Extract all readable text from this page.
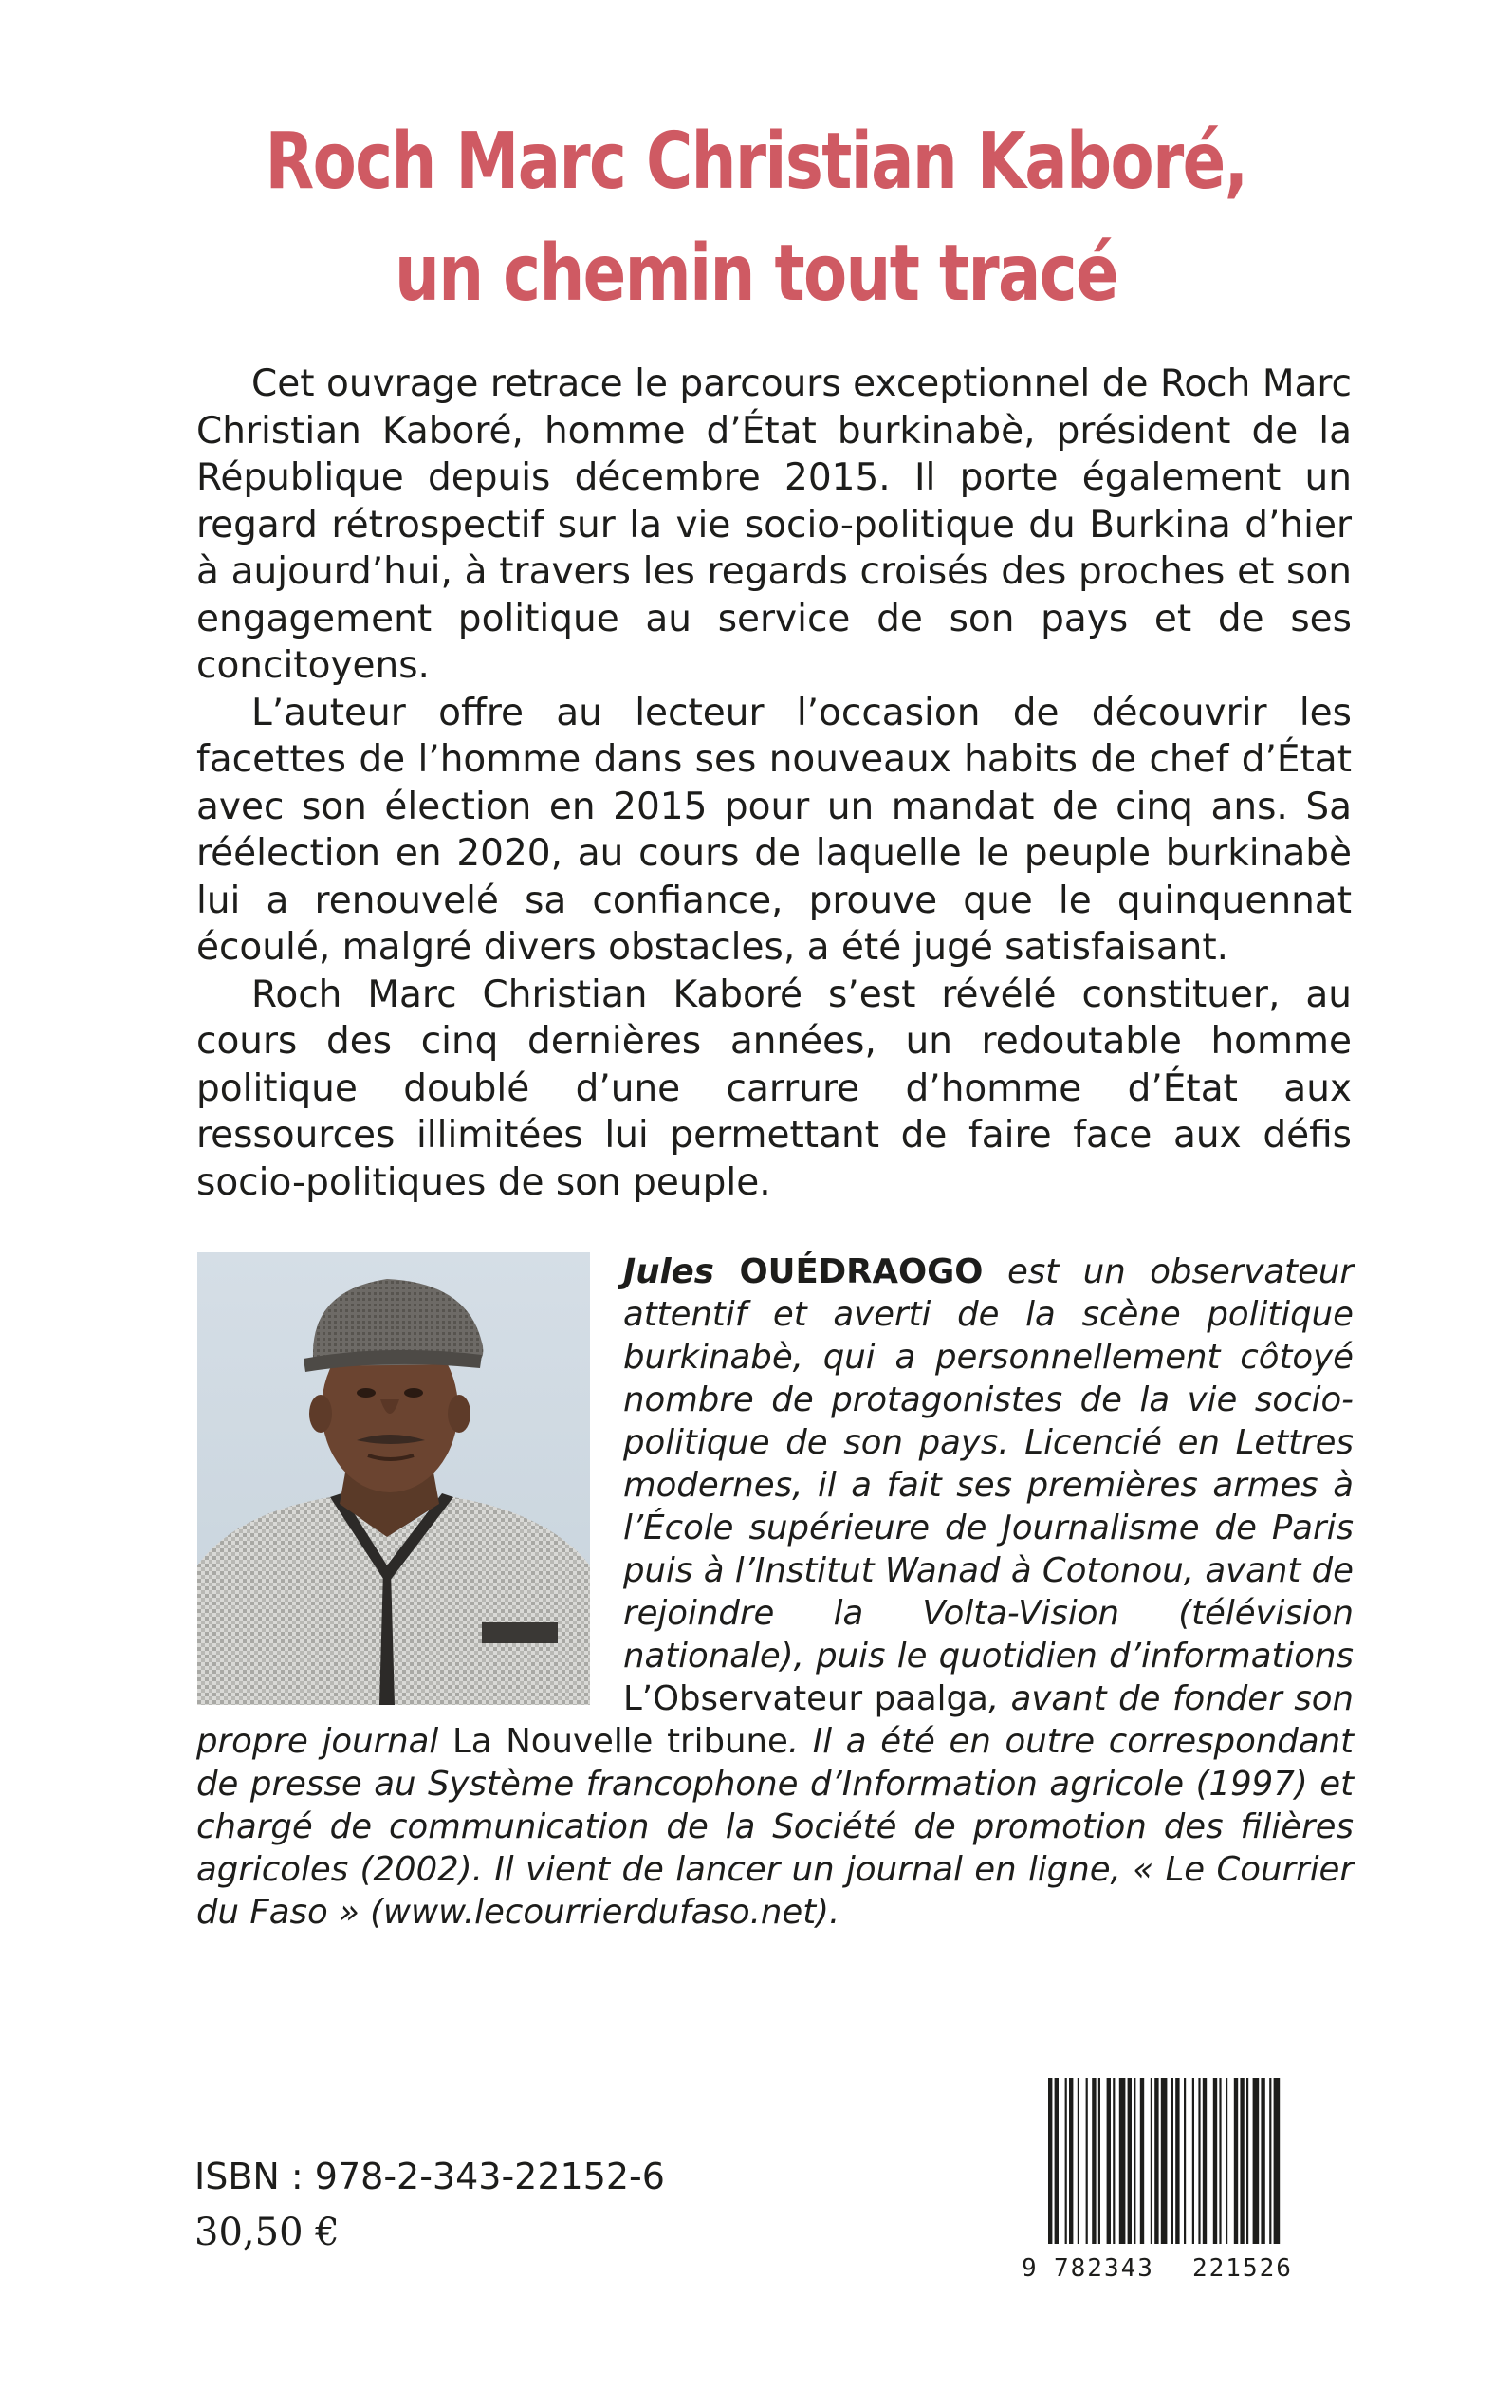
Roch Marc Christian Kaboré,
un chemin tout tracé

Cet ouvrage retrace le parcours exceptionnel de Roch Marc Christian Kaboré, homme d’État burkinabè, président de la République depuis décembre 2015. Il porte également un regard rétrospectif sur la vie socio-politique du Burkina d’hier à aujourd’hui, à travers les regards croisés des proches et son engagement politique au service de son pays et de ses concitoyens.

L’auteur offre au lecteur l’occasion de découvrir les facettes de l’homme dans ses nouveaux habits de chef d’État avec son élection en 2015 pour un mandat de cinq ans. Sa réélection en 2020, au cours de laquelle le peuple burkinabè lui a renouvelé sa confiance, prouve que le quinquennat écoulé, malgré divers obstacles, a été jugé satisfaisant.

Roch Marc Christian Kaboré s’est révélé constituer, au cours des cinq dernières années, un redoutable homme politique doublé d’une carrure d’homme d’État aux ressources illimitées lui permettant de faire face aux défis socio-politiques de son peuple.

Jules OUÉDRAOGO est un observateur attentif et averti de la scène politique burkinabè, qui a personnellement côtoyé nombre de protagonistes de la vie socio-politique de son pays. Licencié en Lettres modernes, il a fait ses premières armes à l’École supérieure de Journalisme de Paris puis à l’Institut Wanad à Cotonou, avant de rejoindre la Volta-Vision (télévision nationale), puis le quotidien d’informations L’Observateur paalga, avant de fonder son propre journal La Nouvelle tribune. Il a été en outre correspondant de presse au Système francophone d’Information agricole (1997) et chargé de communication de la Société de promotion des filières agricoles (2002). Il vient de lancer un journal en ligne, « Le Courrier du Faso » (www.lecourrierdufaso.net).
ISBN : 978-2-343-22152-6
30,50 €
9 782343 221526
